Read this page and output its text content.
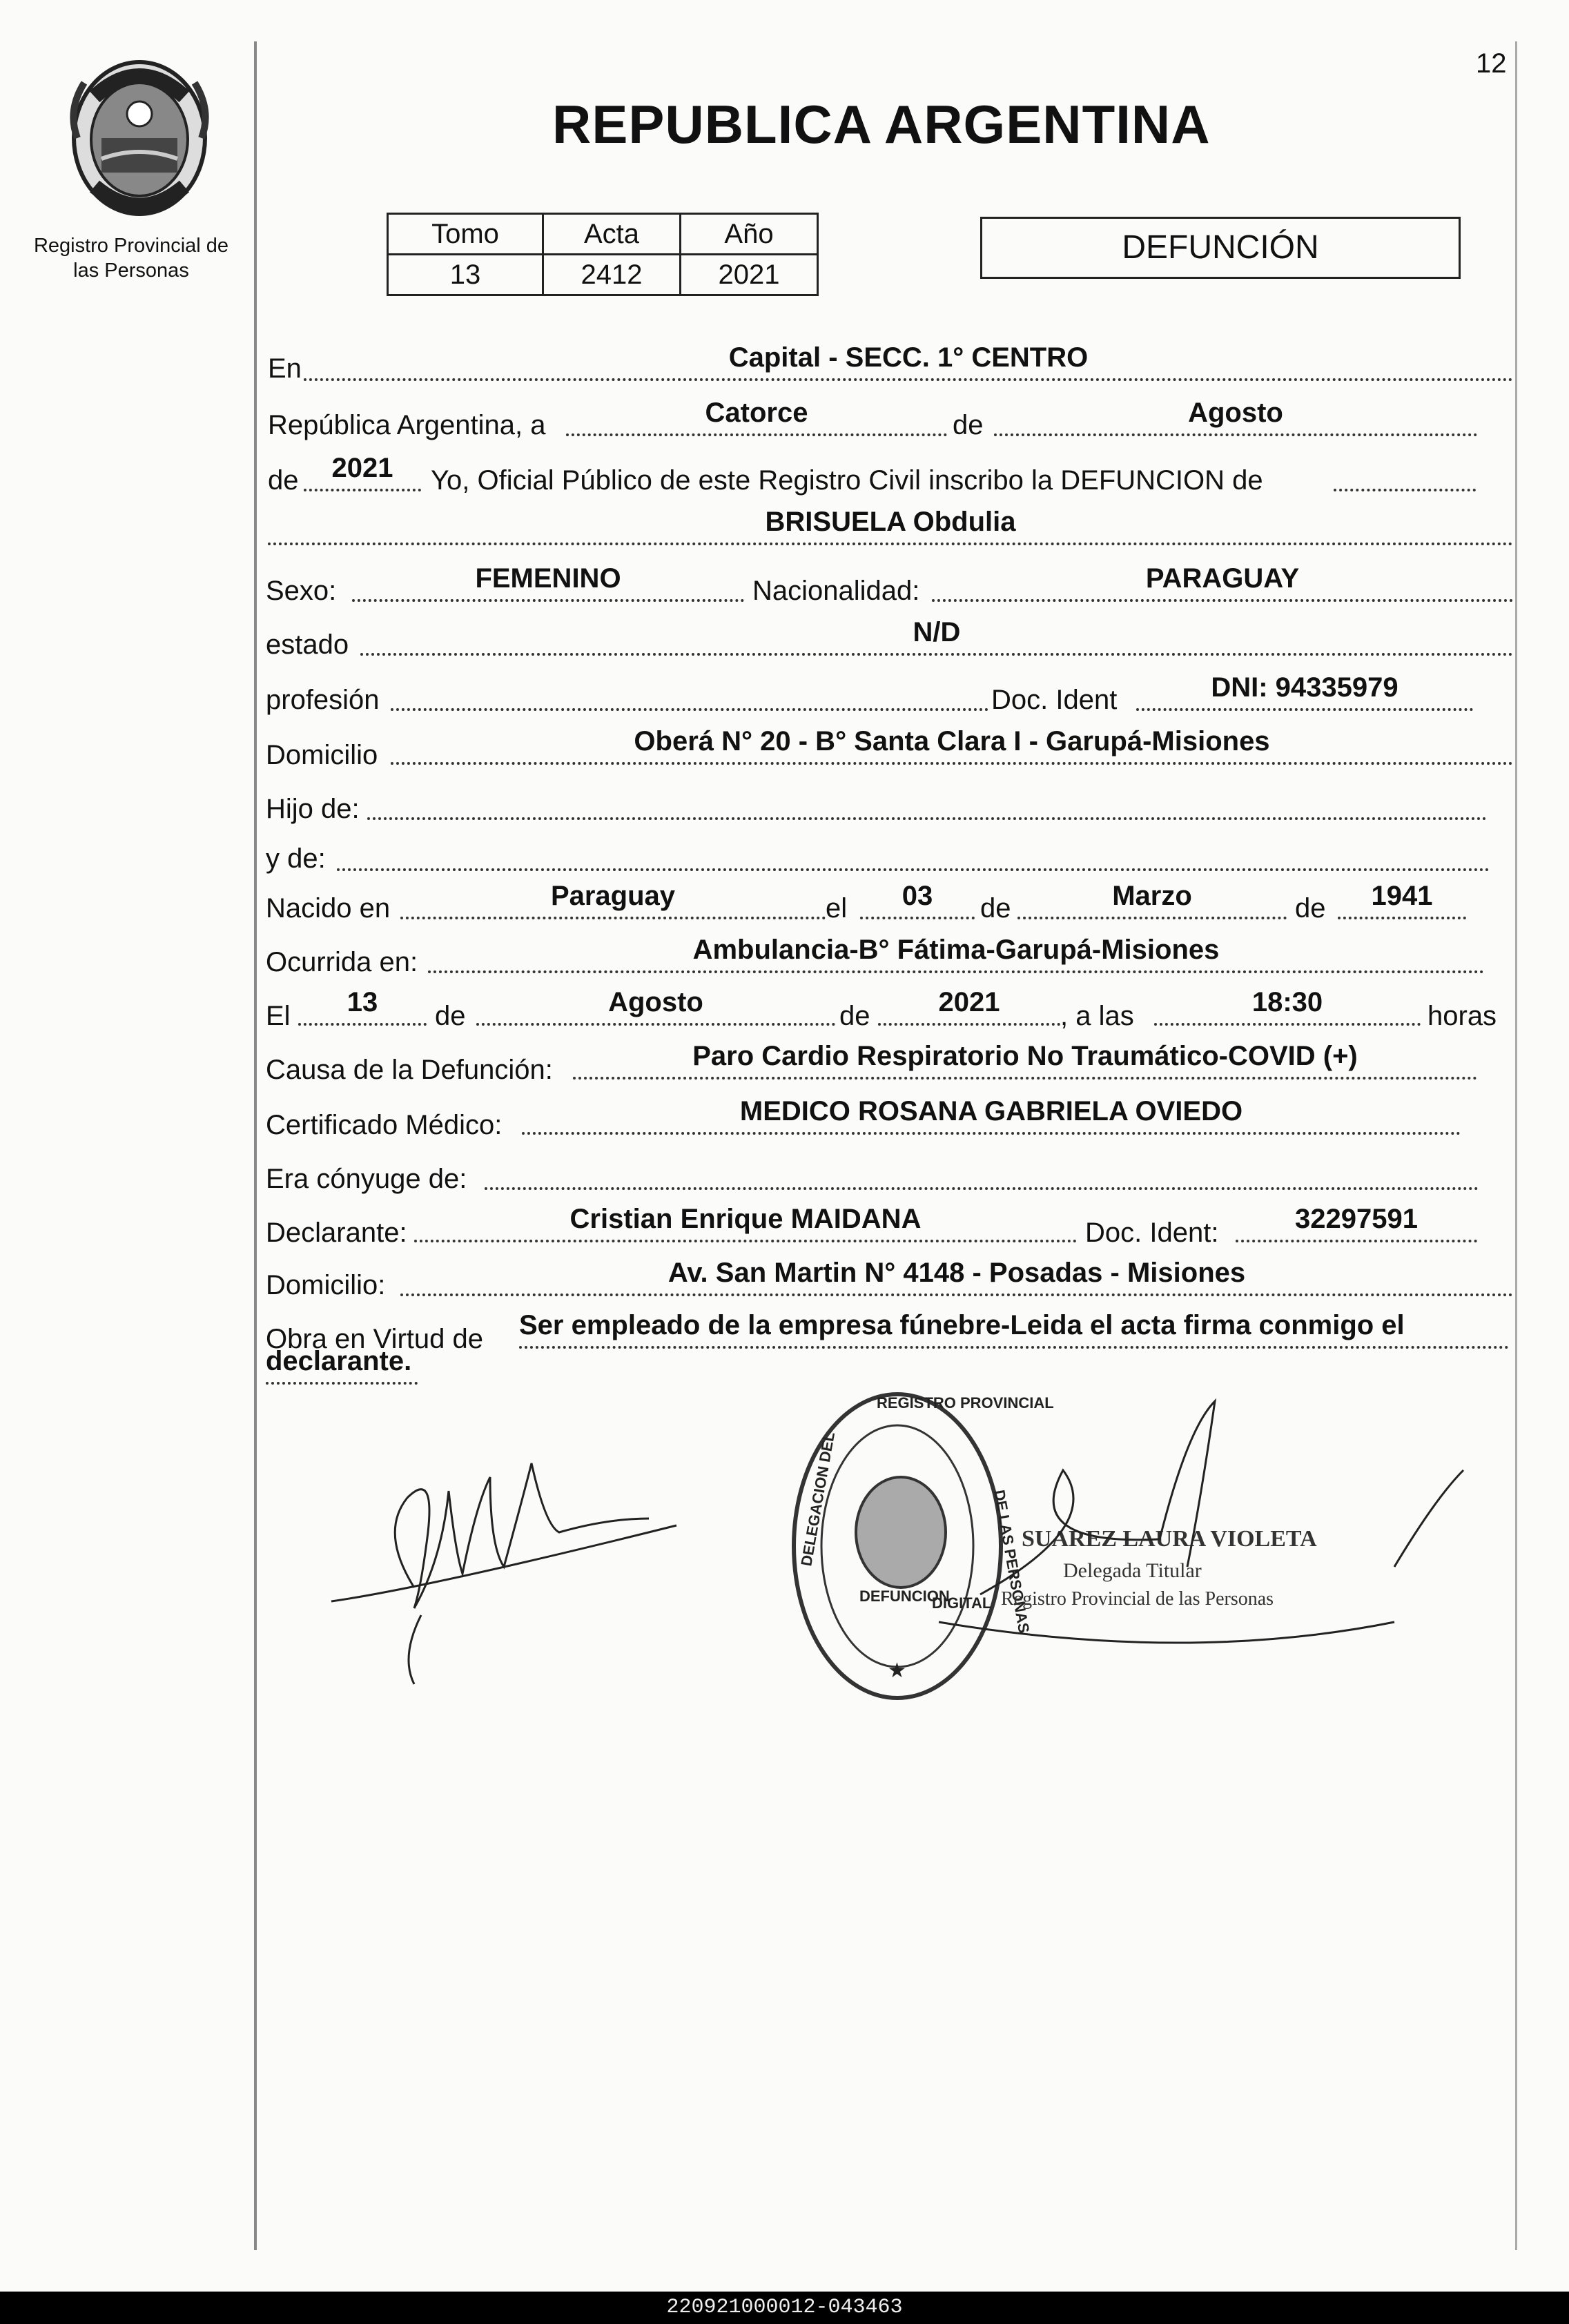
12
Registro Provincial de
las Personas
REPUBLICA ARGENTINA
Tomo	Acta	Año
13	2412	2021
DEFUNCIÓN
En	Capital - SECC. 1° CENTRO
República Argentina, a	Catorce	de	Agosto
de	2021	Yo, Oficial Público de este Registro Civil inscribo la DEFUNCION de
BRISUELA Obdulia
Sexo:	FEMENINO	Nacionalidad:	PARAGUAY
estado	N/D
profesión	Doc. Ident	DNI: 94335979
Domicilio	Oberá N° 20 - B° Santa Clara I - Garupá-Misiones
Hijo de:
y de:
Nacido en	Paraguay	el	03	de	Marzo	de	1941
Ocurrida en:	Ambulancia-B° Fátima-Garupá-Misiones
El	13	de	Agosto	de	2021	, a las	18:30	horas
Causa de la Defunción:	Paro Cardio Respiratorio No Traumático-COVID (+)
Certificado Médico:	MEDICO ROSANA GABRIELA OVIEDO
Era cónyuge de:
Declarante:	Cristian Enrique MAIDANA	Doc. Ident:	32297591
Domicilio:	Av. San Martin N° 4148 - Posadas - Misiones
Obra en Virtud de Ser empleado de la empresa fúnebre-Leida el acta firma conmigo el
declarante.
DELEGACION DEL
REGISTRO PROVINCIAL
DE LAS PERSONAS
DEFUNCION
DIGITAL
★
SUAREZ LAURA VIOLETA
Delegada Titular
Registro Provincial de las Personas
220921000012-043463
